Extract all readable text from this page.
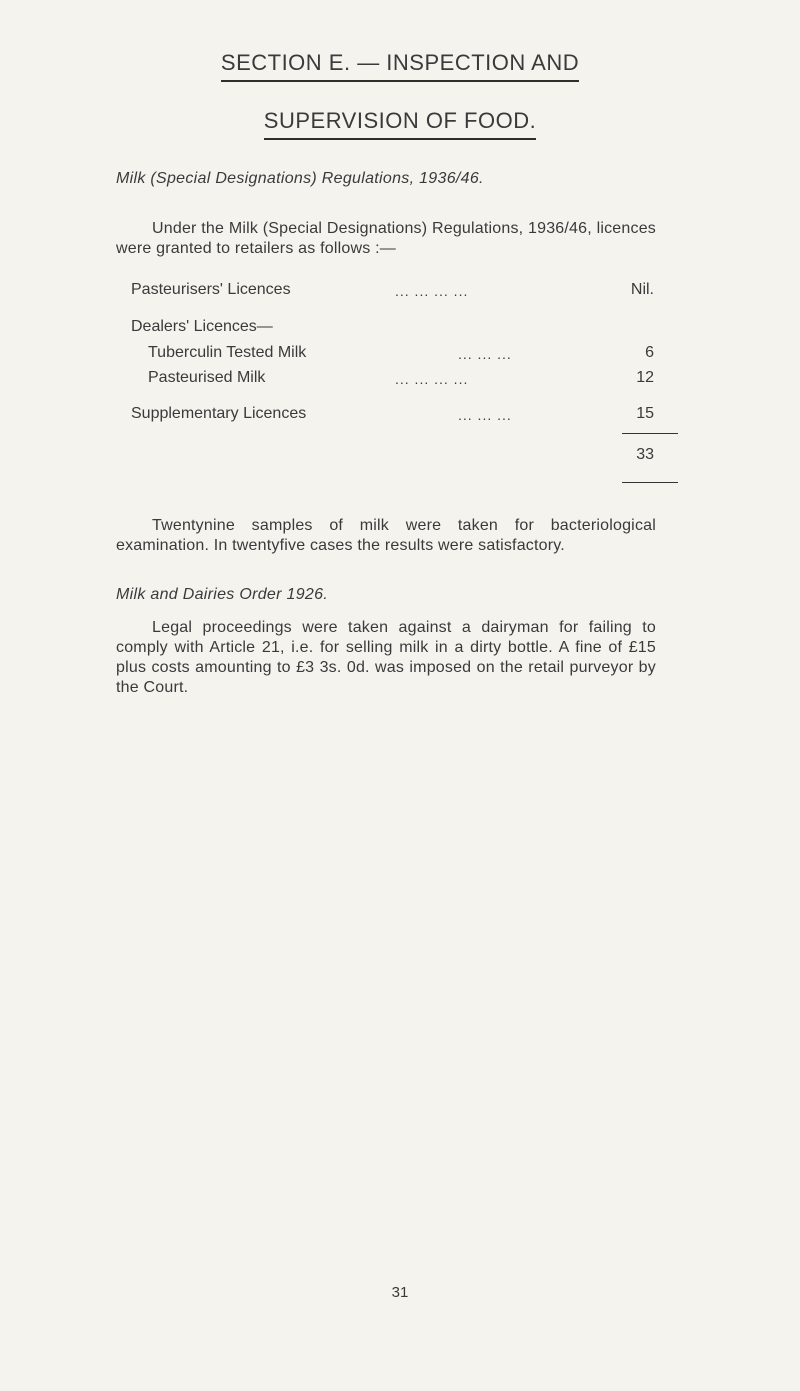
SECTION E. — INSPECTION AND
SUPERVISION OF FOOD.
Milk (Special Designations) Regulations, 1936/46.
Under the Milk (Special Designations) Regulations, 1936/46, licences were granted to retailers as follows :—
Pasteurisers' Licences	... ... ... ...	Nil.
Dealers' Licences—
Tuberculin Tested Milk	... ... ...	6
Pasteurised Milk	... ... ... ...	12
Supplementary Licences	... ... ...	15
33
Twentynine samples of milk were taken for bacteriological examination. In twentyfive cases the results were satisfactory.
Milk and Dairies Order 1926.
Legal proceedings were taken against a dairyman for failing to comply with Article 21, i.e. for selling milk in a dirty bottle. A fine of £15 plus costs amounting to £3 3s. 0d. was imposed on the retail purveyor by the Court.
31
